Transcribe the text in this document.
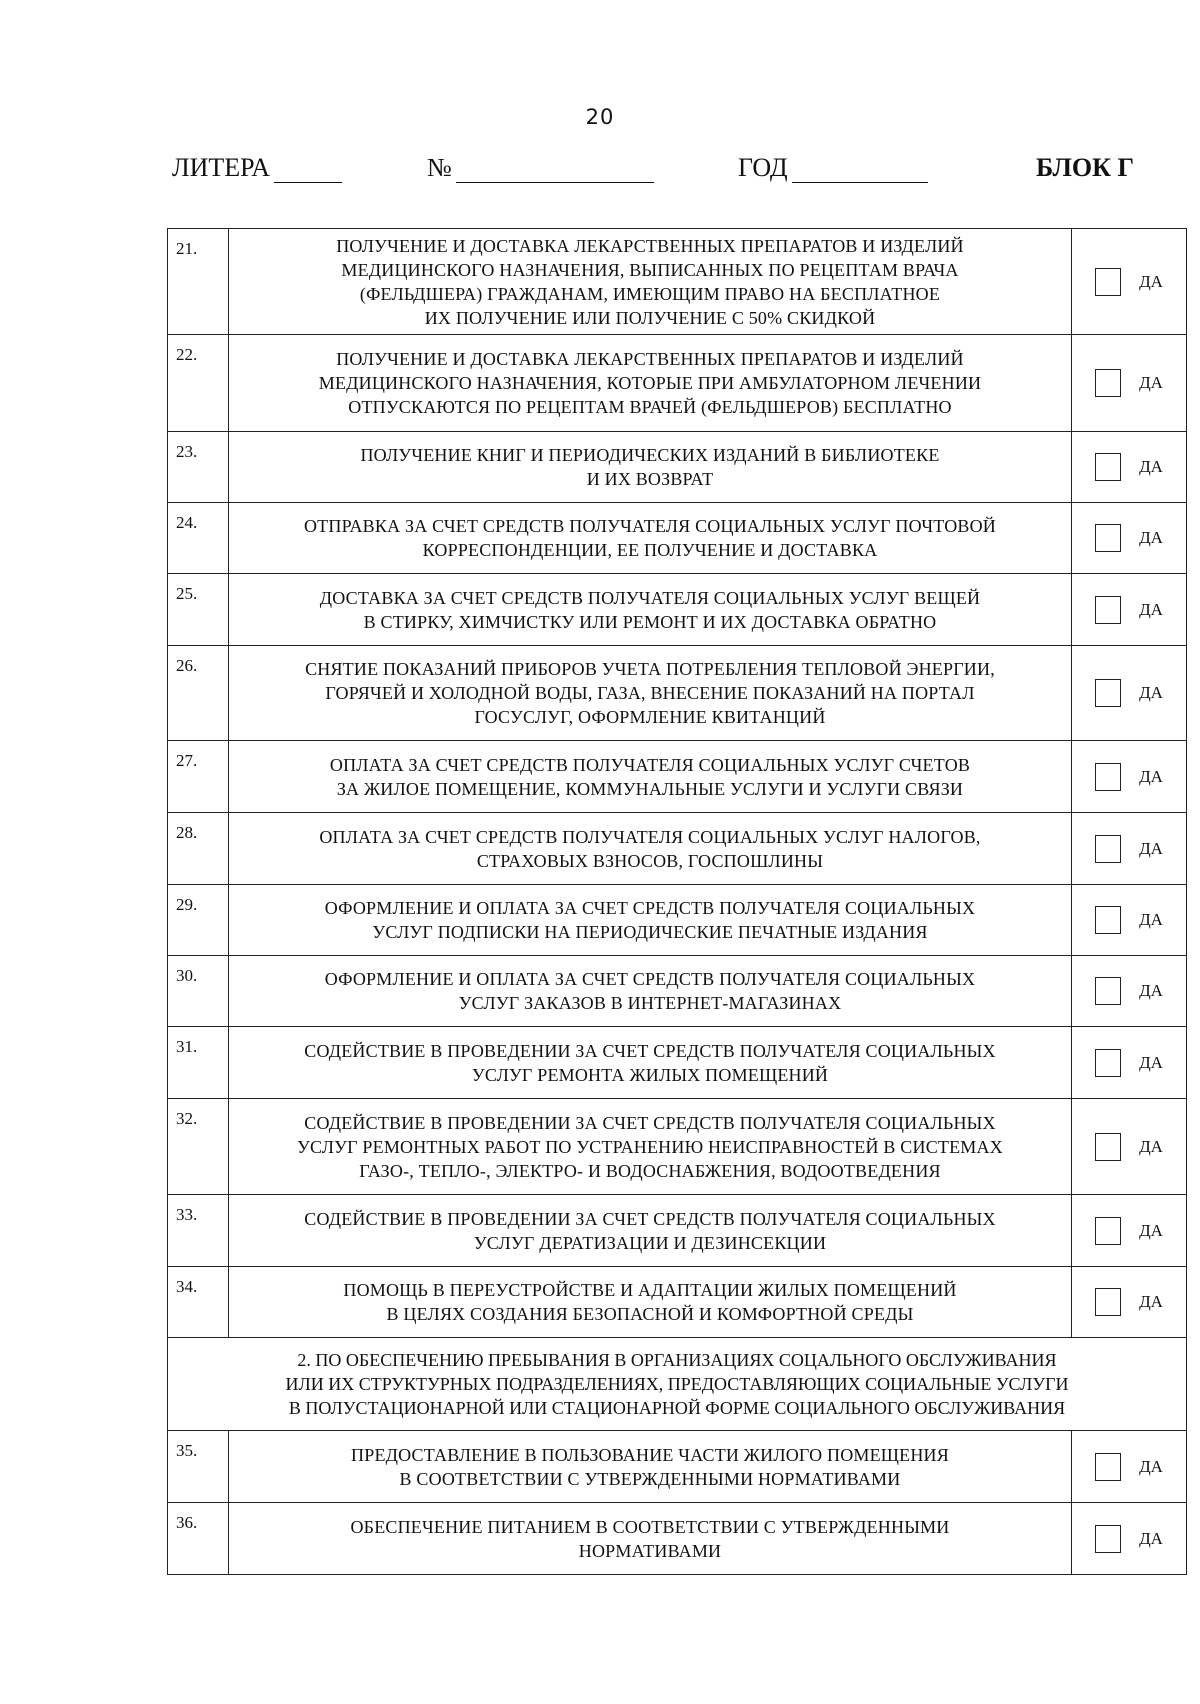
20
ЛИТЕРА	№	ГОД	БЛОК Г
21.	ПОЛУЧЕНИЕ И ДОСТАВКА ЛЕКАРСТВЕННЫХ ПРЕПАРАТОВ И ИЗДЕЛИЙ
МЕДИЦИНСКОГО НАЗНАЧЕНИЯ, ВЫПИСАННЫХ ПО РЕЦЕПТАМ ВРАЧА
(ФЕЛЬДШЕРА) ГРАЖДАНАМ, ИМЕЮЩИМ ПРАВО НА БЕСПЛАТНОЕ
ИХ ПОЛУЧЕНИЕ ИЛИ ПОЛУЧЕНИЕ С 50% СКИДКОЙ	ДА

22.	ПОЛУЧЕНИЕ И ДОСТАВКА ЛЕКАРСТВЕННЫХ ПРЕПАРАТОВ И ИЗДЕЛИЙ
МЕДИЦИНСКОГО НАЗНАЧЕНИЯ, КОТОРЫЕ ПРИ АМБУЛАТОРНОМ ЛЕЧЕНИИ
ОТПУСКАЮТСЯ ПО РЕЦЕПТАМ ВРАЧЕЙ (ФЕЛЬДШЕРОВ) БЕСПЛАТНО	ДА

23.	ПОЛУЧЕНИЕ КНИГ И ПЕРИОДИЧЕСКИХ ИЗДАНИЙ В БИБЛИОТЕКЕ
И ИХ ВОЗВРАТ	ДА

24.	ОТПРАВКА ЗА СЧЕТ СРЕДСТВ ПОЛУЧАТЕЛЯ СОЦИАЛЬНЫХ УСЛУГ ПОЧТОВОЙ
КОРРЕСПОНДЕНЦИИ, ЕЕ ПОЛУЧЕНИЕ И ДОСТАВКА	ДА

25.	ДОСТАВКА ЗА СЧЕТ СРЕДСТВ ПОЛУЧАТЕЛЯ СОЦИАЛЬНЫХ УСЛУГ ВЕЩЕЙ
В СТИРКУ, ХИМЧИСТКУ ИЛИ РЕМОНТ И ИХ ДОСТАВКА ОБРАТНО	ДА

26.	СНЯТИЕ ПОКАЗАНИЙ ПРИБОРОВ УЧЕТА ПОТРЕБЛЕНИЯ ТЕПЛОВОЙ ЭНЕРГИИ,
ГОРЯЧЕЙ И ХОЛОДНОЙ ВОДЫ, ГАЗА, ВНЕСЕНИЕ ПОКАЗАНИЙ НА ПОРТАЛ
ГОСУСЛУГ, ОФОРМЛЕНИЕ КВИТАНЦИЙ	ДА

27.	ОПЛАТА ЗА СЧЕТ СРЕДСТВ ПОЛУЧАТЕЛЯ СОЦИАЛЬНЫХ УСЛУГ СЧЕТОВ
ЗА ЖИЛОЕ ПОМЕЩЕНИЕ, КОММУНАЛЬНЫЕ УСЛУГИ И УСЛУГИ СВЯЗИ	ДА

28.	ОПЛАТА ЗА СЧЕТ СРЕДСТВ ПОЛУЧАТЕЛЯ СОЦИАЛЬНЫХ УСЛУГ НАЛОГОВ,
СТРАХОВЫХ ВЗНОСОВ, ГОСПОШЛИНЫ	ДА

29.	ОФОРМЛЕНИЕ И ОПЛАТА ЗА СЧЕТ СРЕДСТВ ПОЛУЧАТЕЛЯ СОЦИАЛЬНЫХ
УСЛУГ ПОДПИСКИ НА ПЕРИОДИЧЕСКИЕ ПЕЧАТНЫЕ ИЗДАНИЯ	ДА

30.	ОФОРМЛЕНИЕ И ОПЛАТА ЗА СЧЕТ СРЕДСТВ ПОЛУЧАТЕЛЯ СОЦИАЛЬНЫХ
УСЛУГ ЗАКАЗОВ В ИНТЕРНЕТ-МАГАЗИНАХ	ДА

31.	СОДЕЙСТВИЕ В ПРОВЕДЕНИИ ЗА СЧЕТ СРЕДСТВ ПОЛУЧАТЕЛЯ СОЦИАЛЬНЫХ
УСЛУГ РЕМОНТА ЖИЛЫХ ПОМЕЩЕНИЙ	ДА

32.	СОДЕЙСТВИЕ В ПРОВЕДЕНИИ ЗА СЧЕТ СРЕДСТВ ПОЛУЧАТЕЛЯ СОЦИАЛЬНЫХ
УСЛУГ РЕМОНТНЫХ РАБОТ ПО УСТРАНЕНИЮ НЕИСПРАВНОСТЕЙ В СИСТЕМАХ
ГАЗО-, ТЕПЛО-, ЭЛЕКТРО- И ВОДОСНАБЖЕНИЯ, ВОДООТВЕДЕНИЯ	ДА

33.	СОДЕЙСТВИЕ В ПРОВЕДЕНИИ ЗА СЧЕТ СРЕДСТВ ПОЛУЧАТЕЛЯ СОЦИАЛЬНЫХ
УСЛУГ ДЕРАТИЗАЦИИ И ДЕЗИНСЕКЦИИ	ДА

34.	ПОМОЩЬ В ПЕРЕУСТРОЙСТВЕ И АДАПТАЦИИ ЖИЛЫХ ПОМЕЩЕНИЙ
В ЦЕЛЯХ СОЗДАНИЯ БЕЗОПАСНОЙ И КОМФОРТНОЙ СРЕДЫ	ДА

2. ПО ОБЕСПЕЧЕНИЮ ПРЕБЫВАНИЯ В ОРГАНИЗАЦИЯХ СОЦАЛЬНОГО ОБСЛУЖИВАНИЯ
ИЛИ ИХ СТРУКТУРНЫХ ПОДРАЗДЕЛЕНИЯХ, ПРЕДОСТАВЛЯЮЩИХ СОЦИАЛЬНЫЕ УСЛУГИ
В ПОЛУСТАЦИОНАРНОЙ ИЛИ СТАЦИОНАРНОЙ ФОРМЕ СОЦИАЛЬНОГО ОБСЛУЖИВАНИЯ		

35.	ПРЕДОСТАВЛЕНИЕ В ПОЛЬЗОВАНИЕ ЧАСТИ ЖИЛОГО ПОМЕЩЕНИЯ
В СООТВЕТСТВИИ С УТВЕРЖДЕННЫМИ НОРМАТИВАМИ	ДА

36.	ОБЕСПЕЧЕНИЕ ПИТАНИЕМ В СООТВЕТСТВИИ С УТВЕРЖДЕННЫМИ
НОРМАТИВАМИ	ДА
